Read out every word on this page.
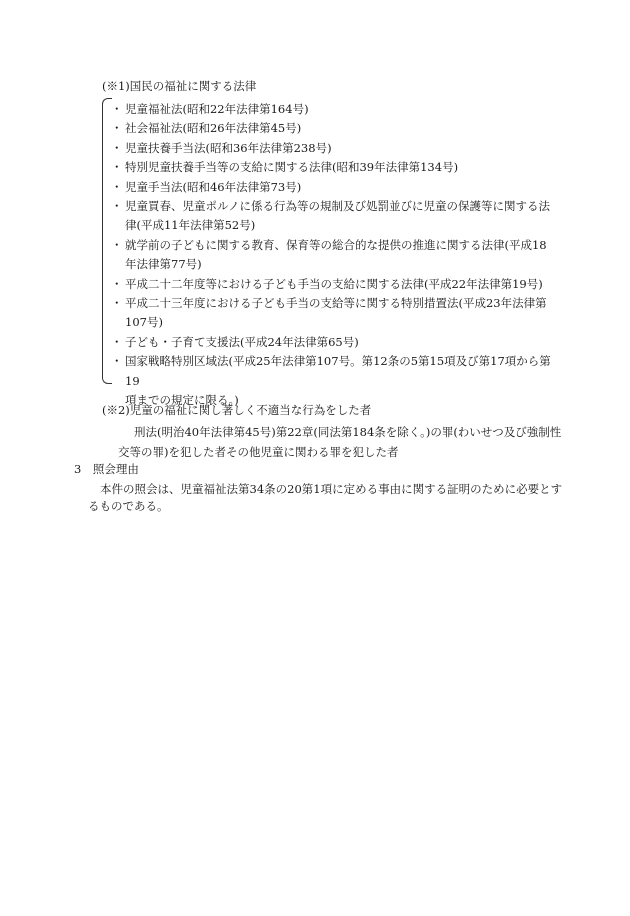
(※1)国民の福祉に関する法律
・ 児童福祉法(昭和22年法律第164号)
・ 社会福祉法(昭和26年法律第45号)
・ 児童扶養手当法(昭和36年法律第238号)
・ 特別児童扶養手当等の支給に関する法律(昭和39年法律第134号)
・ 児童手当法(昭和46年法律第73号)
・ 児童買春、児童ポルノに係る行為等の規制及び処罰並びに児童の保護等に関する法
律(平成11年法律第52号)
・ 就学前の子どもに関する教育、保育等の総合的な提供の推進に関する法律(平成18
年法律第77号)
・ 平成二十二年度等における子ども手当の支給に関する法律(平成22年法律第19号)
・ 平成二十三年度における子ども手当の支給等に関する特別措置法(平成23年法律第
107号)
・ 子ども・子育て支援法(平成24年法律第65号)
・ 国家戦略特別区域法(平成25年法律第107号。第12条の5第15項及び第17項から第19
項までの規定に限る。)
(※2)児童の福祉に関し著しく不適当な行為をした者
刑法(明治40年法律第45号)第22章(同法第184条を除く。)の罪(わいせつ及び強制性
交等の罪)を犯した者その他児童に関わる罪を犯した者
3　照会理由
本件の照会は、児童福祉法第34条の20第1項に定める事由に関する証明のために必要とす
るものである。
